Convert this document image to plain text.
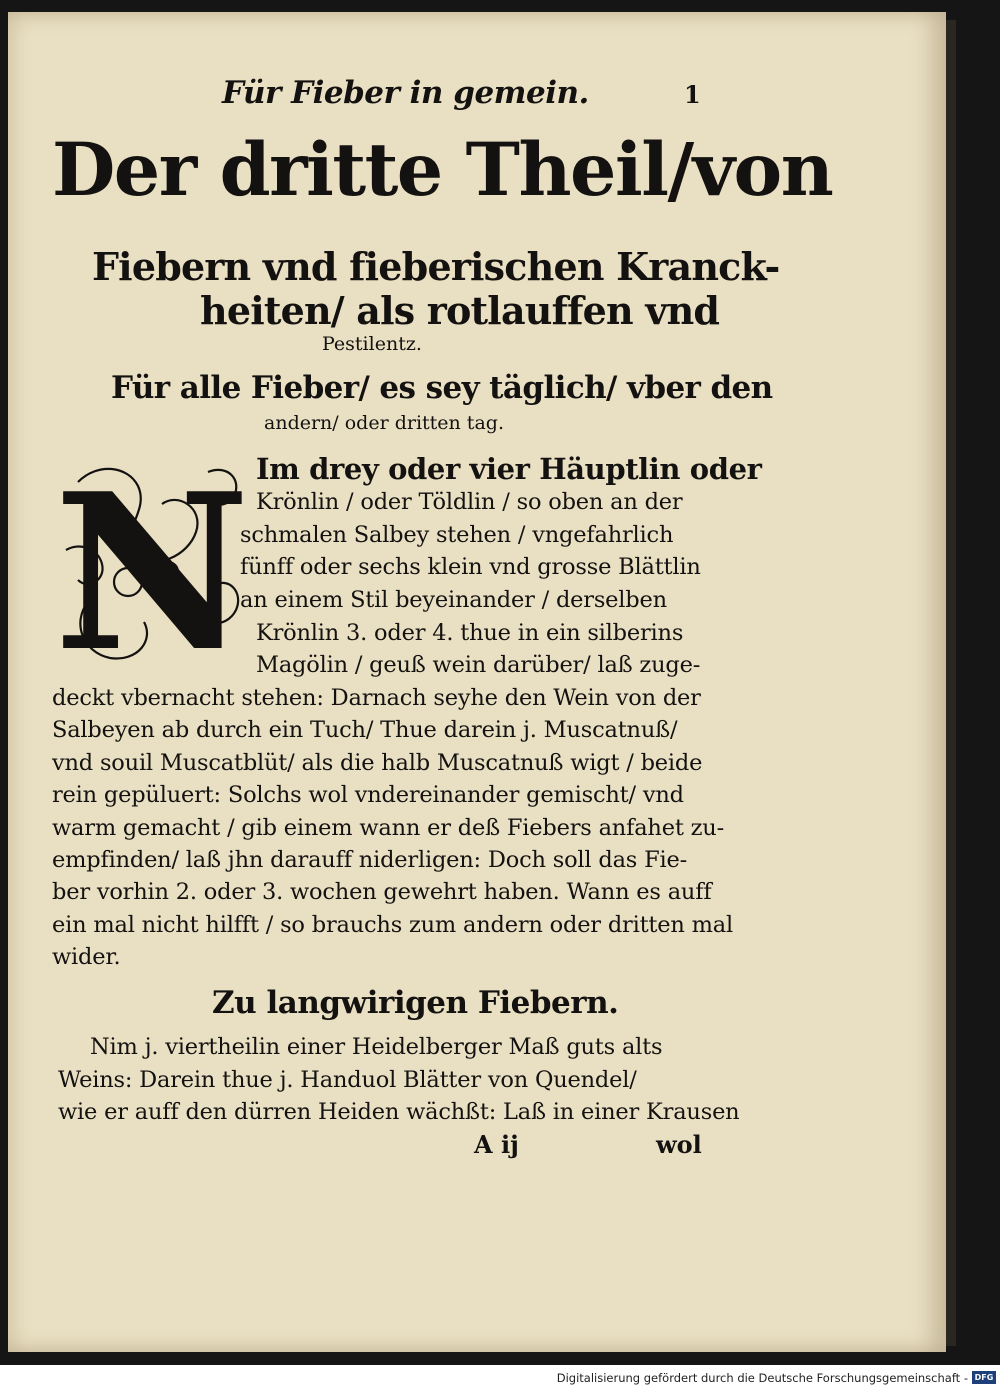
Für Fieber in gemein.	1
Der dritte Theil/von
Fiebern vnd fieberischen Kranck-
heiten/ als rotlauffen vnd
Pestilentz.
Für alle Fieber/ es sey täglich/ vber den
andern/ oder dritten tag.
N Im drey oder vier Häuptlin oder
Krönlin / oder Töldlin / so oben an der
schmalen Salbey stehen / vngefahrlich
fünff oder sechs klein vnd grosse Blättlin
an einem Stil beyeinander / derselben
Krönlin 3. oder 4. thue in ein silberins
Magölin / geuß wein darüber/ laß zuge-
deckt vbernacht stehen: Darnach seyhe den Wein von der
Salbeyen ab durch ein Tuch/ Thue darein j. Muscatnuß/
vnd souil Muscatblüt/ als die halb Muscatnuß wigt / beide
rein gepüluert: Solchs wol vndereinander gemischt/ vnd
warm gemacht / gib einem wann er deß Fiebers anfahet zu-
empfinden/ laß jhn darauff niderligen: Doch soll das Fie-
ber vorhin 2. oder 3. wochen gewehrt haben. Wann es auff
ein mal nicht hilfft / so brauchs zum andern oder dritten mal
wider.
Zu langwirigen Fiebern.
Nim j. viertheilin einer Heidelberger Maß guts alts
Weins: Darein thue j. Handuol Blätter von Quendel/
wie er auff den dürren Heiden wächßt: Laß in einer Krausen
A ij	wol
Digitalisierung gefördert durch die Deutsche Forschungsgemeinschaft - DFG
